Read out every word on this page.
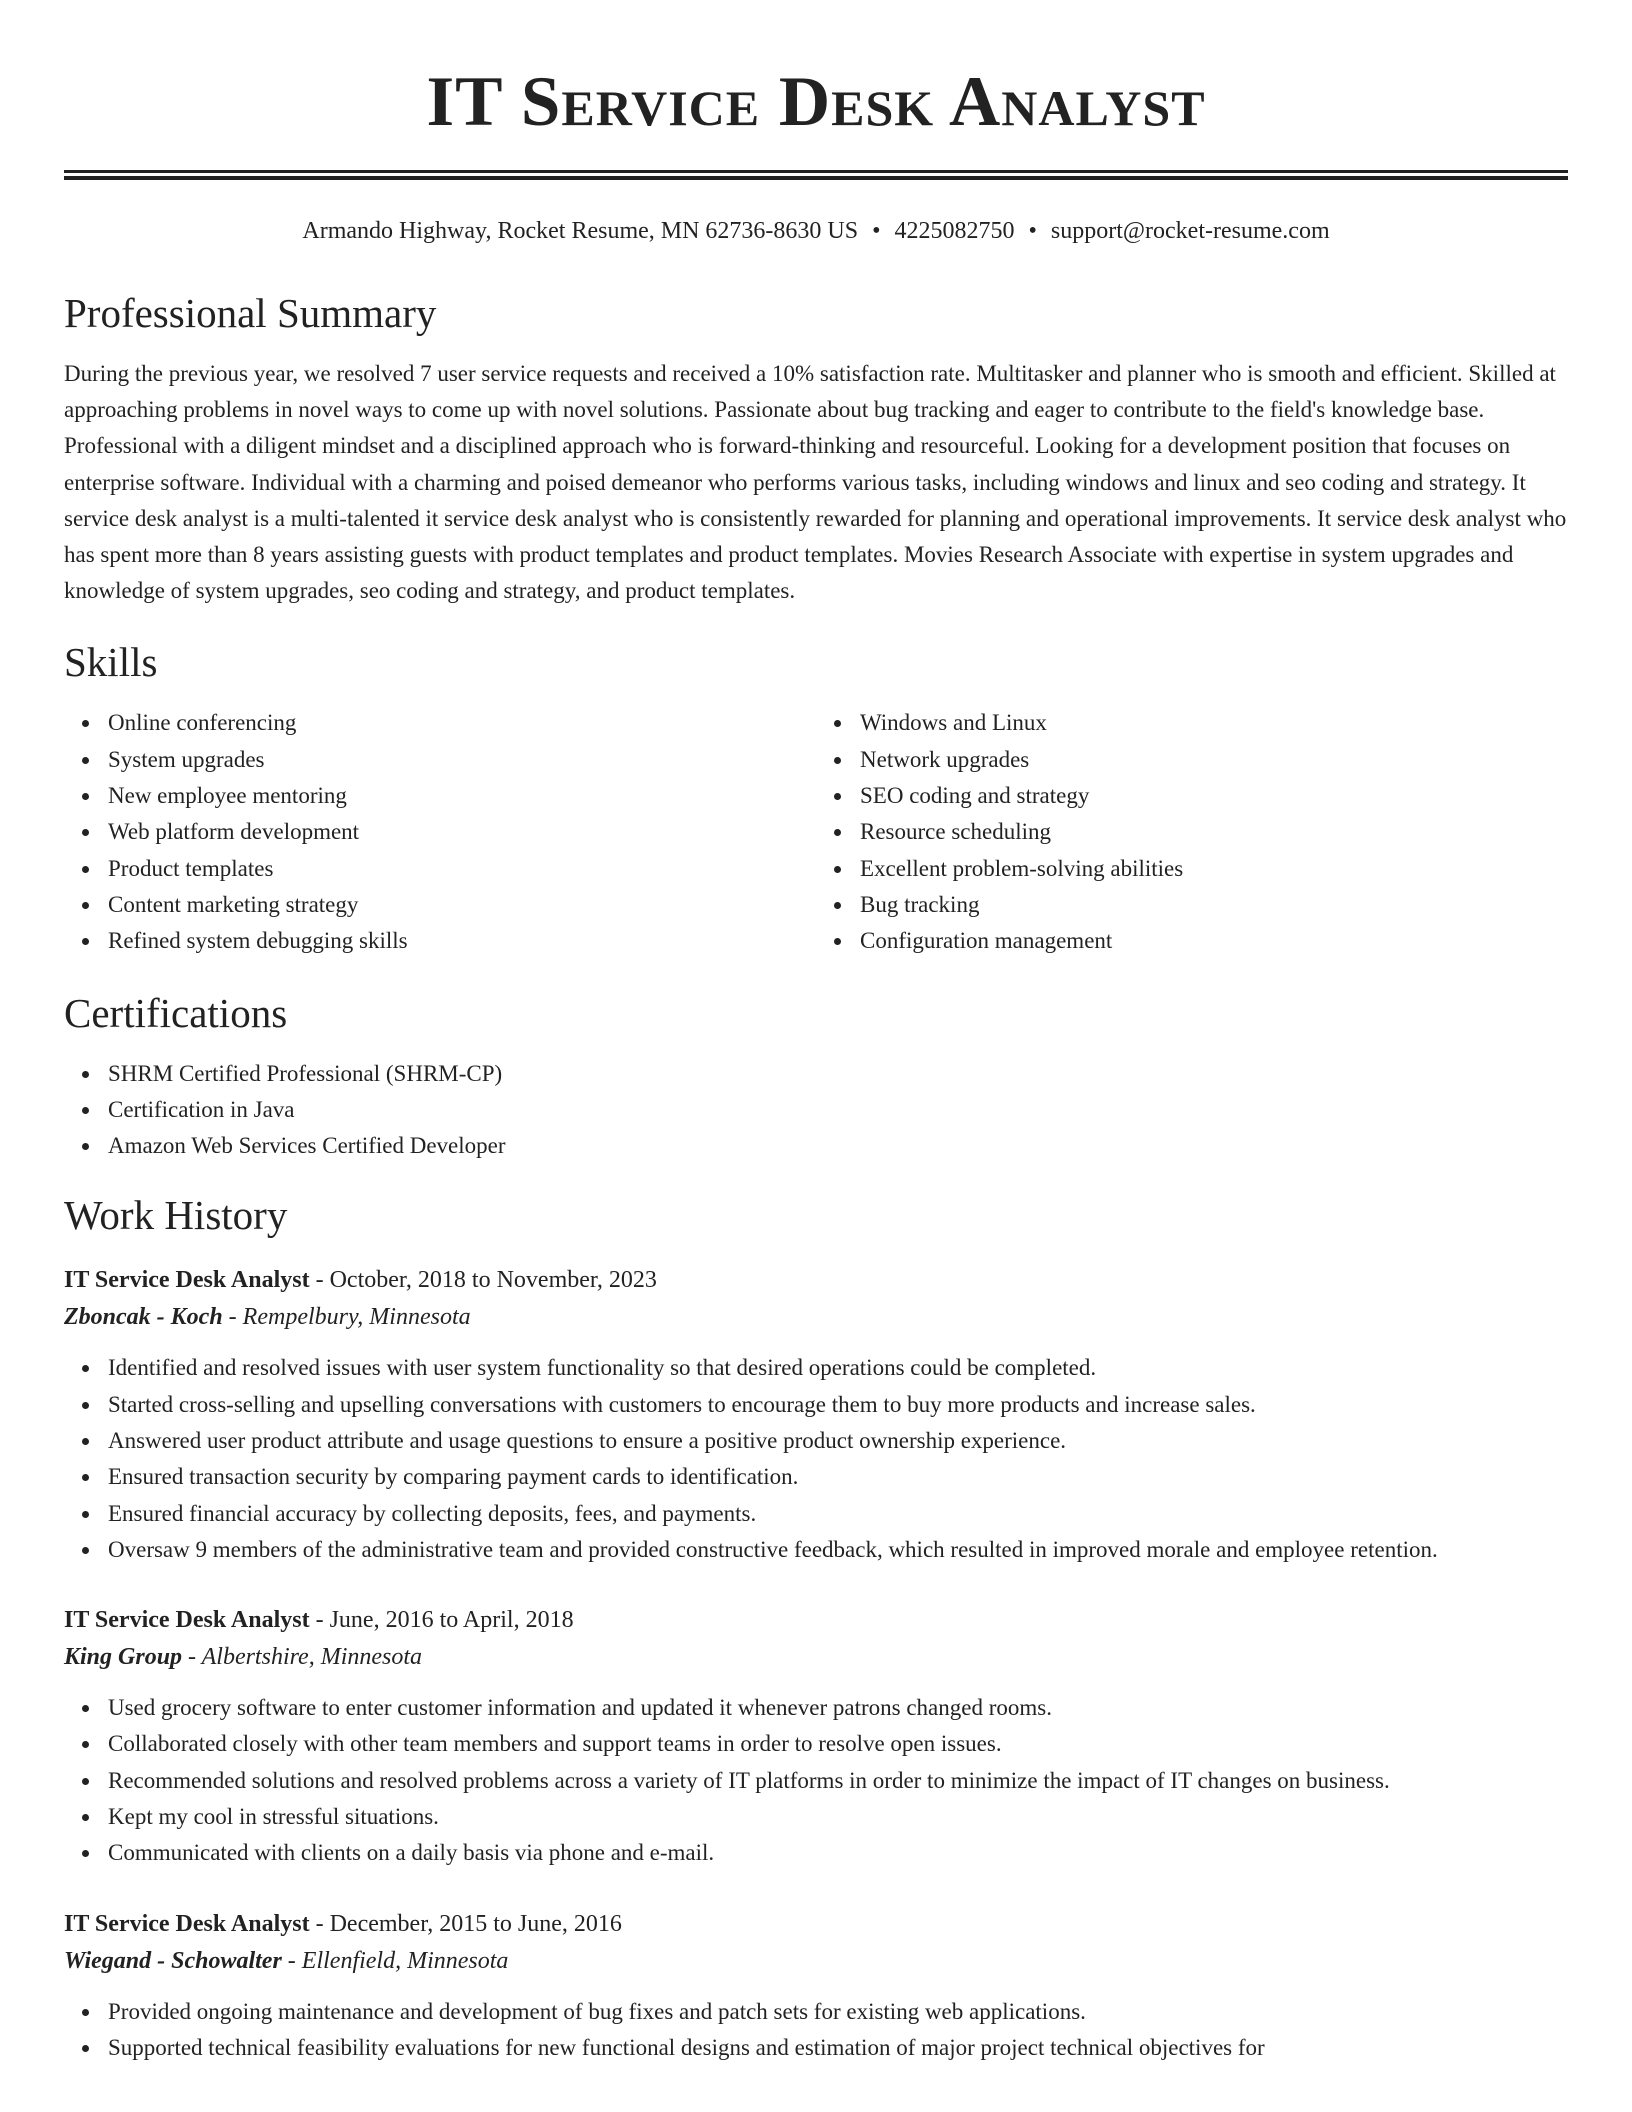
IT Service Desk Analyst
Armando Highway, Rocket Resume, MN 62736-8630 US • 4225082750 • support@rocket-resume.com
Professional Summary
During the previous year, we resolved 7 user service requests and received a 10% satisfaction rate. Multitasker and planner who is smooth and efficient. Skilled at approaching problems in novel ways to come up with novel solutions. Passionate about bug tracking and eager to contribute to the field's knowledge base. Professional with a diligent mindset and a disciplined approach who is forward-thinking and resourceful. Looking for a development position that focuses on enterprise software. Individual with a charming and poised demeanor who performs various tasks, including windows and linux and seo coding and strategy. It service desk analyst is a multi-talented it service desk analyst who is consistently rewarded for planning and operational improvements. It service desk analyst who has spent more than 8 years assisting guests with product templates and product templates. Movies Research Associate with expertise in system upgrades and knowledge of system upgrades, seo coding and strategy, and product templates.
Skills
Online conferencing
System upgrades
New employee mentoring
Web platform development
Product templates
Content marketing strategy
Refined system debugging skills
Windows and Linux
Network upgrades
SEO coding and strategy
Resource scheduling
Excellent problem-solving abilities
Bug tracking
Configuration management
Certifications
SHRM Certified Professional (SHRM-CP)
Certification in Java
Amazon Web Services Certified Developer
Work History
IT Service Desk Analyst - October, 2018 to November, 2023
Zboncak - Koch - Rempelbury, Minnesota
Identified and resolved issues with user system functionality so that desired operations could be completed.
Started cross-selling and upselling conversations with customers to encourage them to buy more products and increase sales.
Answered user product attribute and usage questions to ensure a positive product ownership experience.
Ensured transaction security by comparing payment cards to identification.
Ensured financial accuracy by collecting deposits, fees, and payments.
Oversaw 9 members of the administrative team and provided constructive feedback, which resulted in improved morale and employee retention.
IT Service Desk Analyst - June, 2016 to April, 2018
King Group - Albertshire, Minnesota
Used grocery software to enter customer information and updated it whenever patrons changed rooms.
Collaborated closely with other team members and support teams in order to resolve open issues.
Recommended solutions and resolved problems across a variety of IT platforms in order to minimize the impact of IT changes on business.
Kept my cool in stressful situations.
Communicated with clients on a daily basis via phone and e-mail.
IT Service Desk Analyst - December, 2015 to June, 2016
Wiegand - Schowalter - Ellenfield, Minnesota
Provided ongoing maintenance and development of bug fixes and patch sets for existing web applications.
Supported technical feasibility evaluations for new functional designs and estimation of major project technical objectives for
